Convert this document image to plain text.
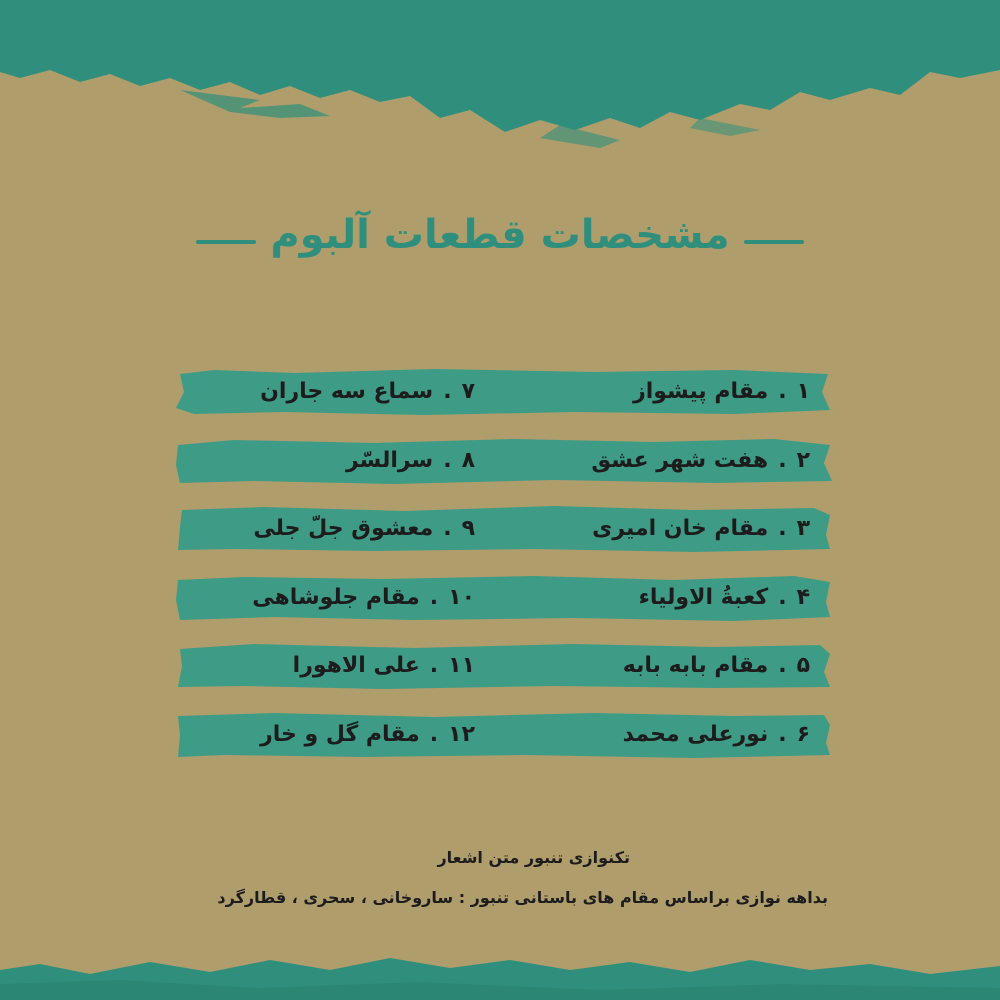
مشخصات قطعات آلبوم
۱
.
مقام پیشواز
۷
.
سماع سه جاران
۲
.
هفت شهر عشق
۸
.
سرالسّر
۳
.
مقام خان امیری
۹
.
معشوق جلّ جلی
۴
.
کعبةُ الاولیاء
۱۰
.
مقام جلوشاهی
۵
.
مقام بابه بابه
۱۱
.
علی الاهورا
۶
.
نورعلی محمد
۱۲
.
مقام گل و خار
تکنوازی تنبور متن اشعار
بداهه نوازی براساس مقام های باستانی تنبور : ساروخانی ، سحری ، قطارگرد
